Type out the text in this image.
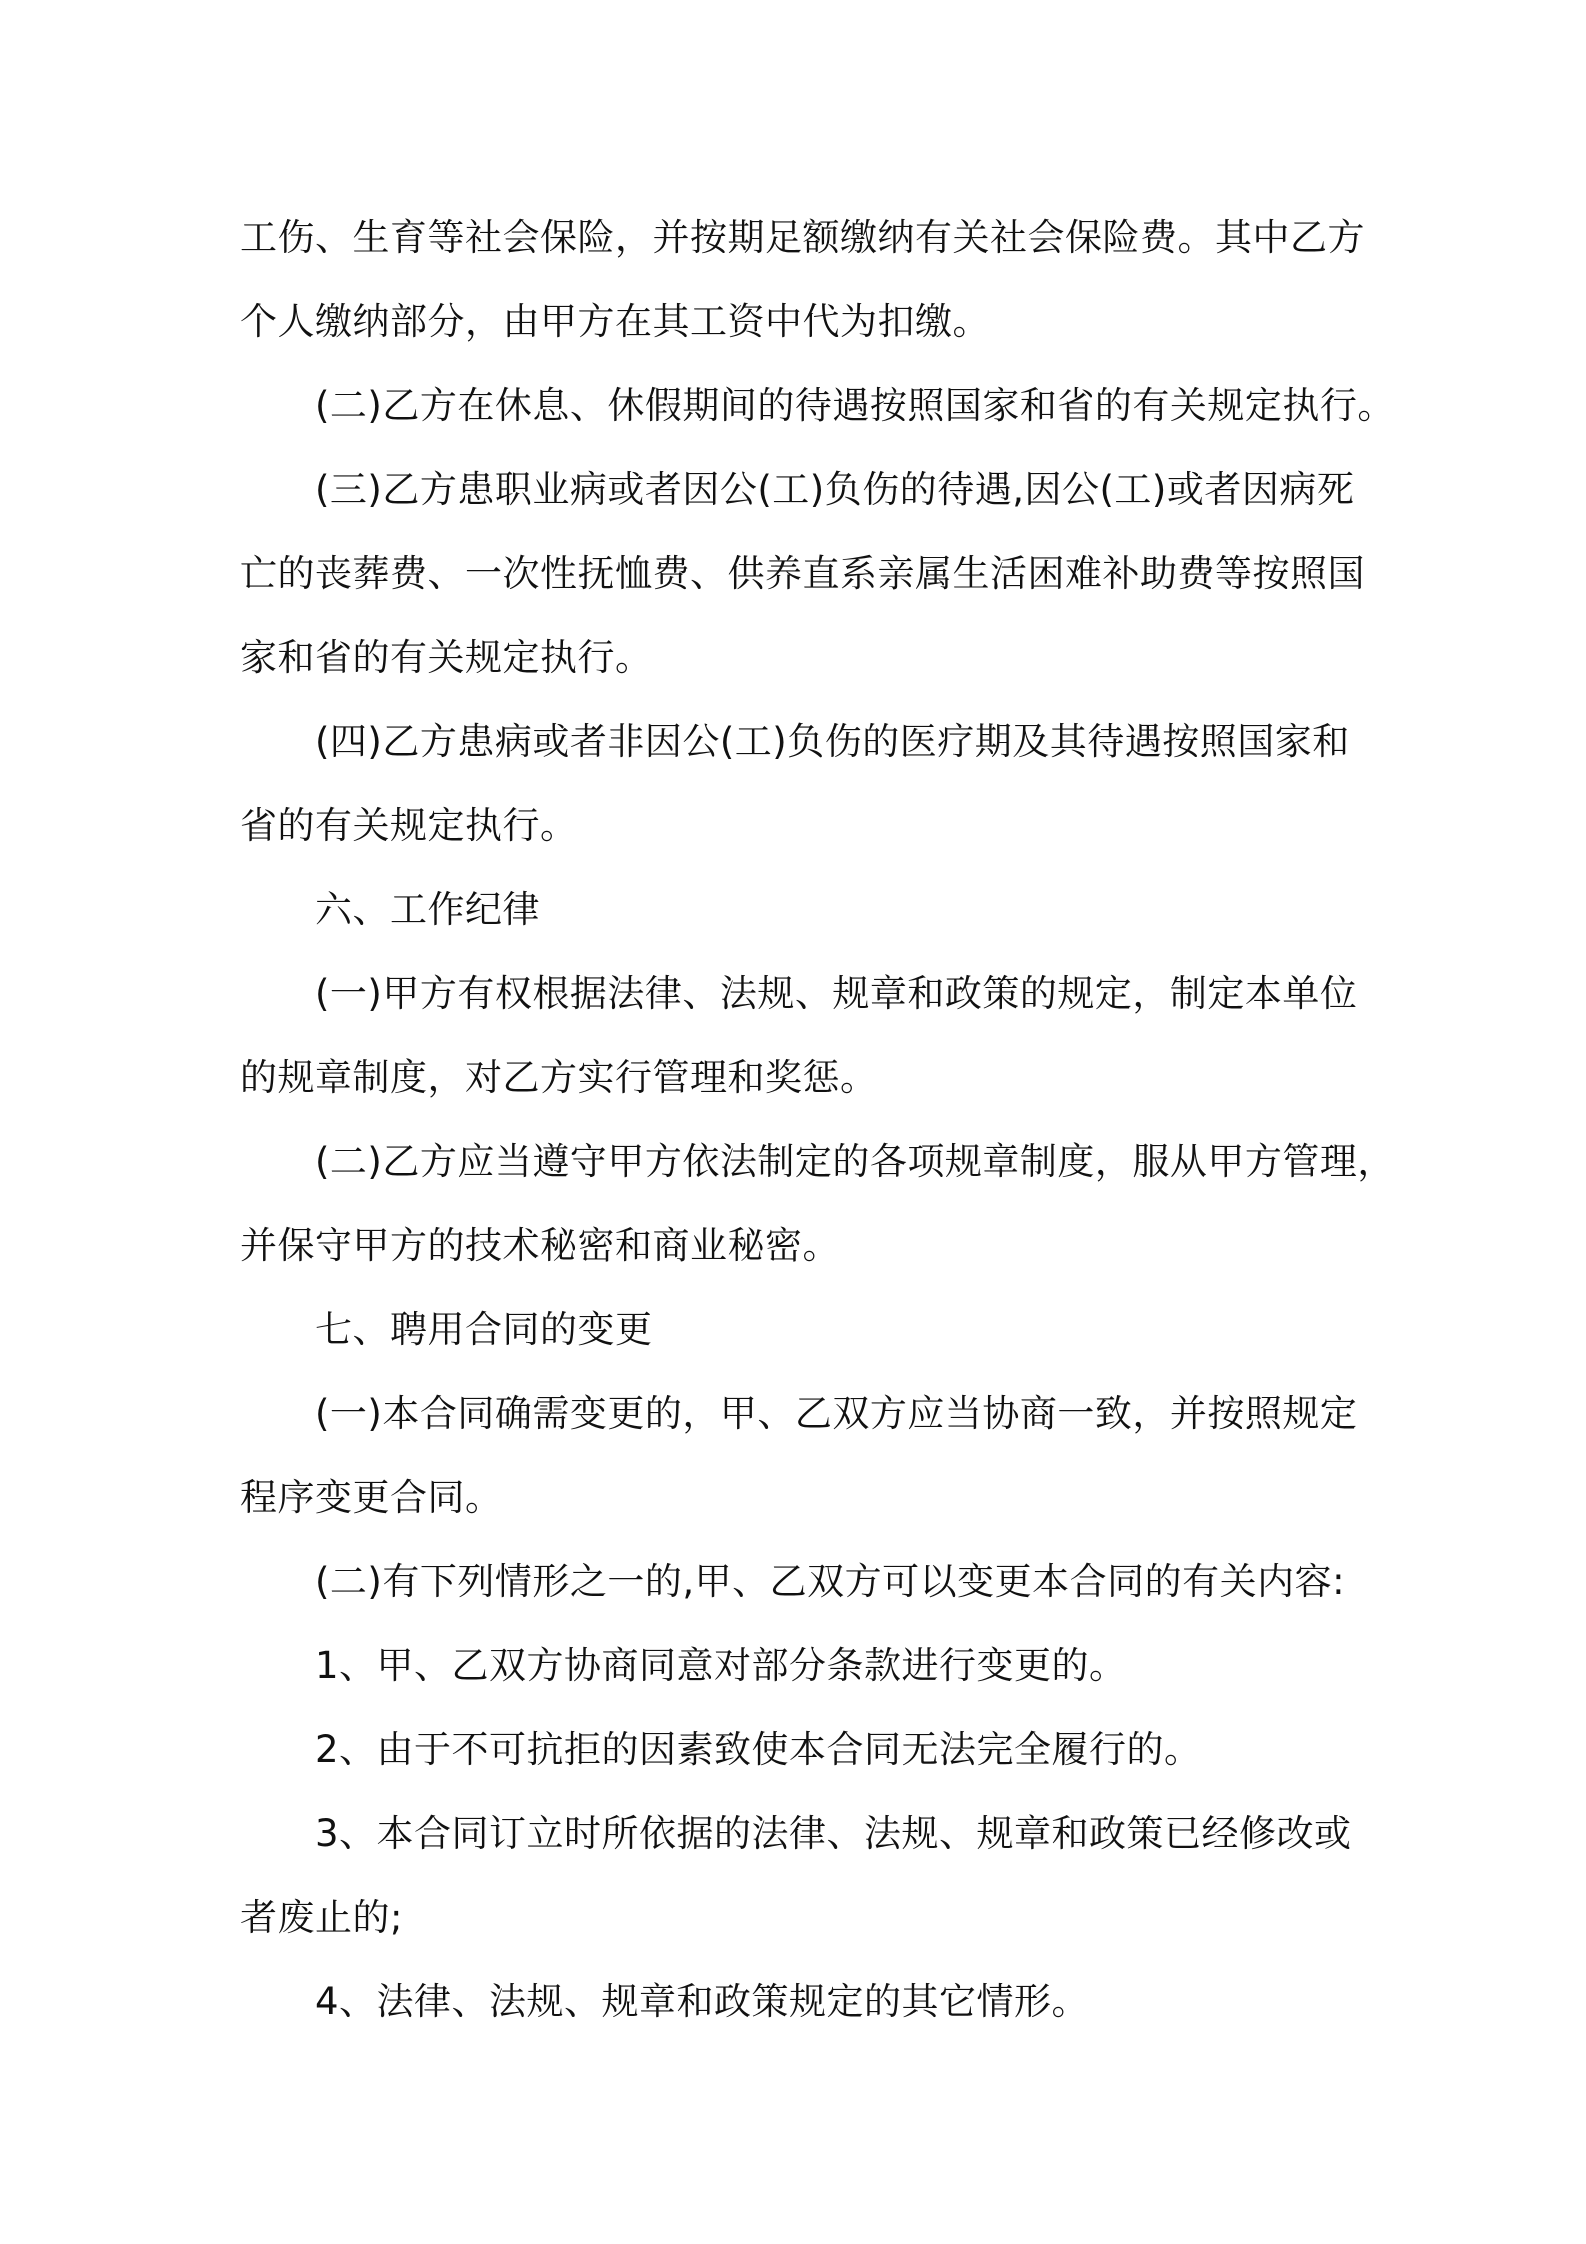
工伤、生育等社会保险，并按期足额缴纳有关社会保险费。其中乙方
个人缴纳部分，由甲方在其工资中代为扣缴。
(二)乙方在休息、休假期间的待遇按照国家和省的有关规定执行。
(三)乙方患职业病或者因公(工)负伤的待遇,因公(工)或者因病死
亡的丧葬费、一次性抚恤费、供养直系亲属生活困难补助费等按照国
家和省的有关规定执行。
(四)乙方患病或者非因公(工)负伤的医疗期及其待遇按照国家和
省的有关规定执行。
六、工作纪律
(一)甲方有权根据法律、法规、规章和政策的规定，制定本单位
的规章制度，对乙方实行管理和奖惩。
(二)乙方应当遵守甲方依法制定的各项规章制度，服从甲方管理，
并保守甲方的技术秘密和商业秘密。
七、聘用合同的变更
(一)本合同确需变更的，甲、乙双方应当协商一致，并按照规定
程序变更合同。
(二)有下列情形之一的,甲、乙双方可以变更本合同的有关内容:
1、甲、乙双方协商同意对部分条款进行变更的。
2、由于不可抗拒的因素致使本合同无法完全履行的。
3、本合同订立时所依据的法律、法规、规章和政策已经修改或
者废止的;
4、法律、法规、规章和政策规定的其它情形。
